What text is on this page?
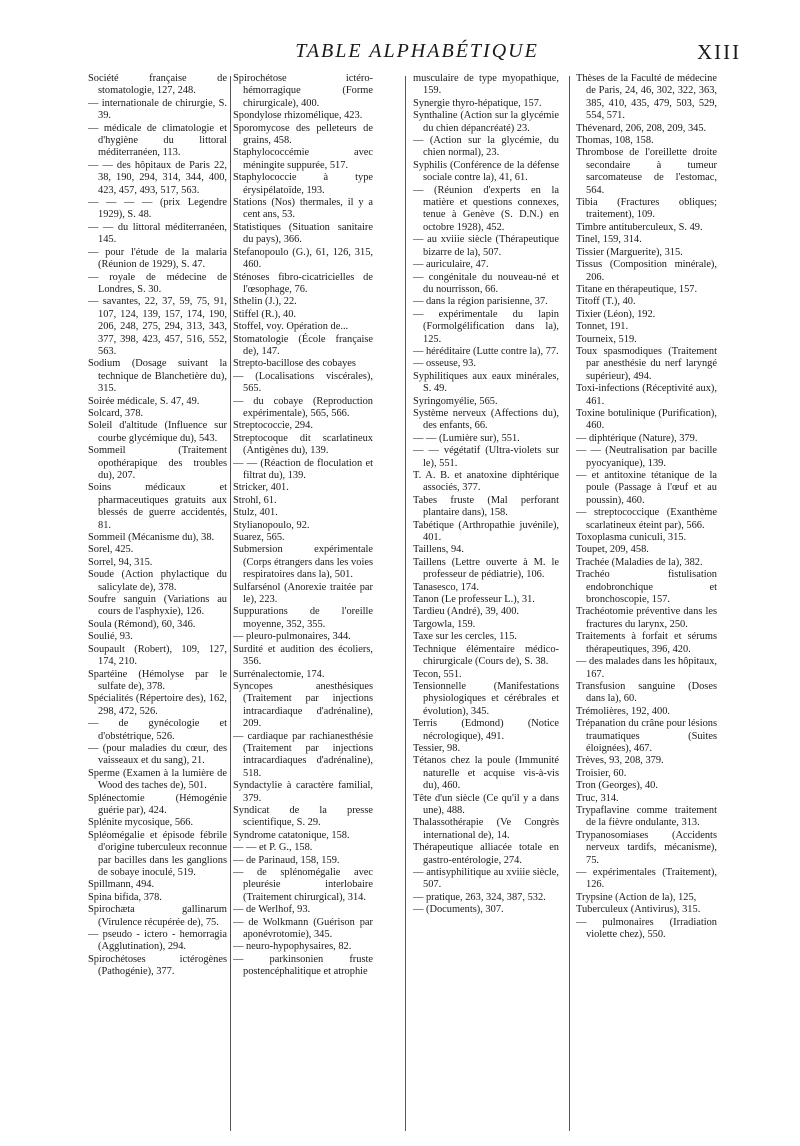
TABLE ALPHABÉTIQUE	XIII

Société française de stomatologie, 127, 248.

— internationale de chirurgie, S. 39.

— médicale de climatologie et d'hygiène du littoral méditerranéen, 113.

— — des hôpitaux de Paris 22, 38, 190, 294, 314, 344, 400, 423, 457, 493, 517, 563.

— — — — (prix Legendre 1929), S. 48.

— — du littoral méditerranéen, 145.

— pour l'étude de la malaria (Réunion de 1929), S. 47.

— royale de médecine de Londres, S. 30.

— savantes, 22, 37, 59, 75, 91, 107, 124, 139, 157, 174, 190, 206, 248, 275, 294, 313, 343, 377, 398, 423, 457, 516, 552, 563.

Sodium (Dosage suivant la technique de Blanchetière du), 315.

Soirée médicale, S. 47, 49.

Solcard, 378.

Soleil d'altitude (Influence sur courbe glycémique du), 543.

Sommeil (Traitement opothérapique des troubles du), 207.

Soins médicaux et pharmaceutiques gratuits aux blessés de guerre accidentés, 81.

Sommeil (Mécanisme du), 38.

Sorel, 425.

Sorrel, 94, 315.

Soude (Action phylactique du salicylate de), 378.

Soufre sanguin (Variations au cours de l'asphyxie), 126.

Soula (Rémond), 60, 346.

Soulié, 93.

Soupault (Robert), 109, 127, 174, 210.

Spartéine (Hémolyse par le sulfate de), 378.

Spécialités (Répertoire des), 162, 298, 472, 526.

— de gynécologie et d'obstétrique, 526.

— (pour maladies du cœur, des vaisseaux et du sang), 21.

Sperme (Examen à la lumière de Wood des taches de), 501.

Splénectomie (Hémogénie guérie par), 424.

Splénite mycosique, 566.

Spléomégalie et épisode fébrile d'origine tuberculeux reconnue par bacilles dans les ganglions de sobaye inoculé, 519.

Spillmann, 494.

Spina bifida, 378.

Spirochæta gallinarum (Virulence récupérée de), 75.

— pseudo - ictero - hemorragia (Agglutination), 294.

Spirochétoses ictérogènes (Pathogénie), 377.

Spirochétose ictéro-hémorragique (Forme chirurgicale), 400.

Spondylose rhizomélique, 423.

Sporomycose des pelleteurs de grains, 458.

Staphylococcémie avec méningite suppurée, 517.

Staphylococcie à type érysipélatoïde, 193.

Stations (Nos) thermales, il y a cent ans, 53.

Statistiques (Situation sanitaire du pays), 366.

Stefanopoulo (G.), 61, 126, 315, 460.

Sténoses fibro-cicatricielles de l'œsophage, 76.

Sthelin (J.), 22.

Stiffel (R.), 40.

Stoffel, voy. Opération de...

Stomatologie (École française de), 147.

Strepto-bacillose des cobayes

— (Localisations viscérales), 565.

— du cobaye (Reproduction expérimentale), 565, 566.

Streptococcie, 294.

Streptocoque dit scarlatineux (Antigènes du), 139.

— — (Réaction de floculation et filtrat du), 139.

Stricker, 401.

Strohl, 61.

Stulz, 401.

Stylianopoulo, 92.

Suarez, 565.

Submersion expérimentale (Corps étrangers dans les voies respiratoires dans la), 501.

Sulfarsénol (Anorexie traitée par le), 223.

Suppurations de l'oreille moyenne, 352, 355.

— pleuro-pulmonaires, 344.

Surdité et audition des écoliers, 356.

Surrénalectomie, 174.

Syncopes anesthésiques (Traitement par injections intracardiaque d'adrénaline), 209.

— cardiaque par rachianesthésie (Traitement par injections intracardiaques d'adrénaline), 518.

Syndactylie à caractère familial, 379.

Syndicat de la presse scientifique, S. 29.

Syndrome catatonique, 158.

— — et P. G., 158.

— de Parinaud, 158, 159.

— de splénomégalie avec pleurésie interlobaire (Traitement chirurgical), 314.

— de Werlhof, 93.

— de Wolkmann (Guérison par aponévrotomie), 345.

— neuro-hypophysaires, 82.

— parkinsonien fruste postencéphalitique et atrophie

musculaire de type myopathique, 159.

Synergie thyro-hépatique, 157.

Synthaline (Action sur la glycémie du chien dépancréaté) 23.

— (Action sur la glycémie, du chien normal), 23.

Syphilis (Conférence de la défense sociale contre la), 41, 61.

— (Réunion d'experts en la matière et questions connexes, tenue à Genève (S. D.N.) en octobre 1928), 452.

— au xviiie siècle (Thérapeutique bizarre de la), 507.

— auriculaire, 47.

— congénitale du nouveau-né et du nourrisson, 66.

— dans la région parisienne, 37.

— expérimentale du lapin (Formolgélification dans la), 125.

— héréditaire (Lutte contre la), 77.

— osseuse, 93.

Syphilitiques aux eaux minérales, S. 49.

Syringomyélie, 565.

Système nerveux (Affections du), des enfants, 66.

— — (Lumière sur), 551.

— — végétatif (Ultra-violets sur le), 551.

T. A. B. et anatoxine diphtérique associés, 377.

Tabes fruste (Mal perforant plantaire dans), 158.

Tabétique (Arthropathie juvénile), 401.

Taillens, 94.

Taillens (Lettre ouverte à M. le professeur de pédiatrie), 106.

Tanasesco, 174.

Tanon (Le professeur L.), 31.

Tardieu (André), 39, 400.

Targowla, 159.

Taxe sur les cercles, 115.

Technique élémentaire médico-chirurgicale (Cours de), S. 38.

Tecon, 551.

Tensionnelle (Manifestations physiologiques et cérébrales et évolution), 345.

Terris (Edmond) (Notice nécrologique), 491.

Tessier, 98.

Tétanos chez la poule (Immunité naturelle et acquise vis-à-vis du), 460.

Tête d'un siècle (Ce qu'il y a dans une), 488.

Thalassothérapie (Ve Congrès international de), 14.

Thérapeutique alliacée totale en gastro-entérologie, 274.

— antisyphilitique au xviiie siècle, 507.

— pratique, 263, 324, 387, 532.

— (Documents), 307.

Thèses de la Faculté de médecine de Paris, 24, 46, 302, 322, 363, 385, 410, 435, 479, 503, 529, 554, 571.

Thévenard, 206, 208, 209, 345.

Thomas, 108, 158.

Thrombose de l'oreillette droite secondaire à tumeur sarcomateuse de l'estomac, 564.

Tibia (Fractures obliques; traitement), 109.

Timbre antituberculeux, S. 49.

Tinel, 159, 314.

Tissier (Marguerite), 315.

Tissus (Composition minérale), 206.

Titane en thérapeutique, 157.

Titoff (T.), 40.

Tixier (Léon), 192.

Tonnet, 191.

Tourneix, 519.

Toux spasmodiques (Traitement par anesthésie du nerf laryngé supérieur), 494.

Toxi-infections (Réceptivité aux), 461.

Toxine botulinique (Purification), 460.

— diphtérique (Nature), 379.

— — (Neutralisation par bacille pyocyanique), 139.

— et antitoxine tétanique de la poule (Passage à l'œuf et au poussin), 460.

— streptococcique (Exanthème scarlatineux éteint par), 566.

Toxoplasma cuniculi, 315.

Toupet, 209, 458.

Trachée (Maladies de la), 382.

Trachéo fistulisation endobronchique et bronchoscopie, 157.

Trachéotomie préventive dans les fractures du larynx, 250.

Traitements à forfait et sérums thérapeutiques, 396, 420.

— des malades dans les hôpitaux, 167.

Transfusion sanguine (Doses dans la), 60.

Trémolières, 192, 400.

Trépanation du crâne pour lésions traumatiques (Suites éloignées), 467.

Trèves, 93, 208, 379.

Troisier, 60.

Tron (Georges), 40.

Truc, 314.

Trypaflavine comme traitement de la fièvre ondulante, 313.

Trypanosomiases (Accidents nerveux tardifs, mécanisme), 75.

— expérimentales (Traitement), 126.

Trypsine (Action de la), 125,

Tuberculeux (Antivirus), 315.

— pulmonaires (Irradiation violette chez), 550.
